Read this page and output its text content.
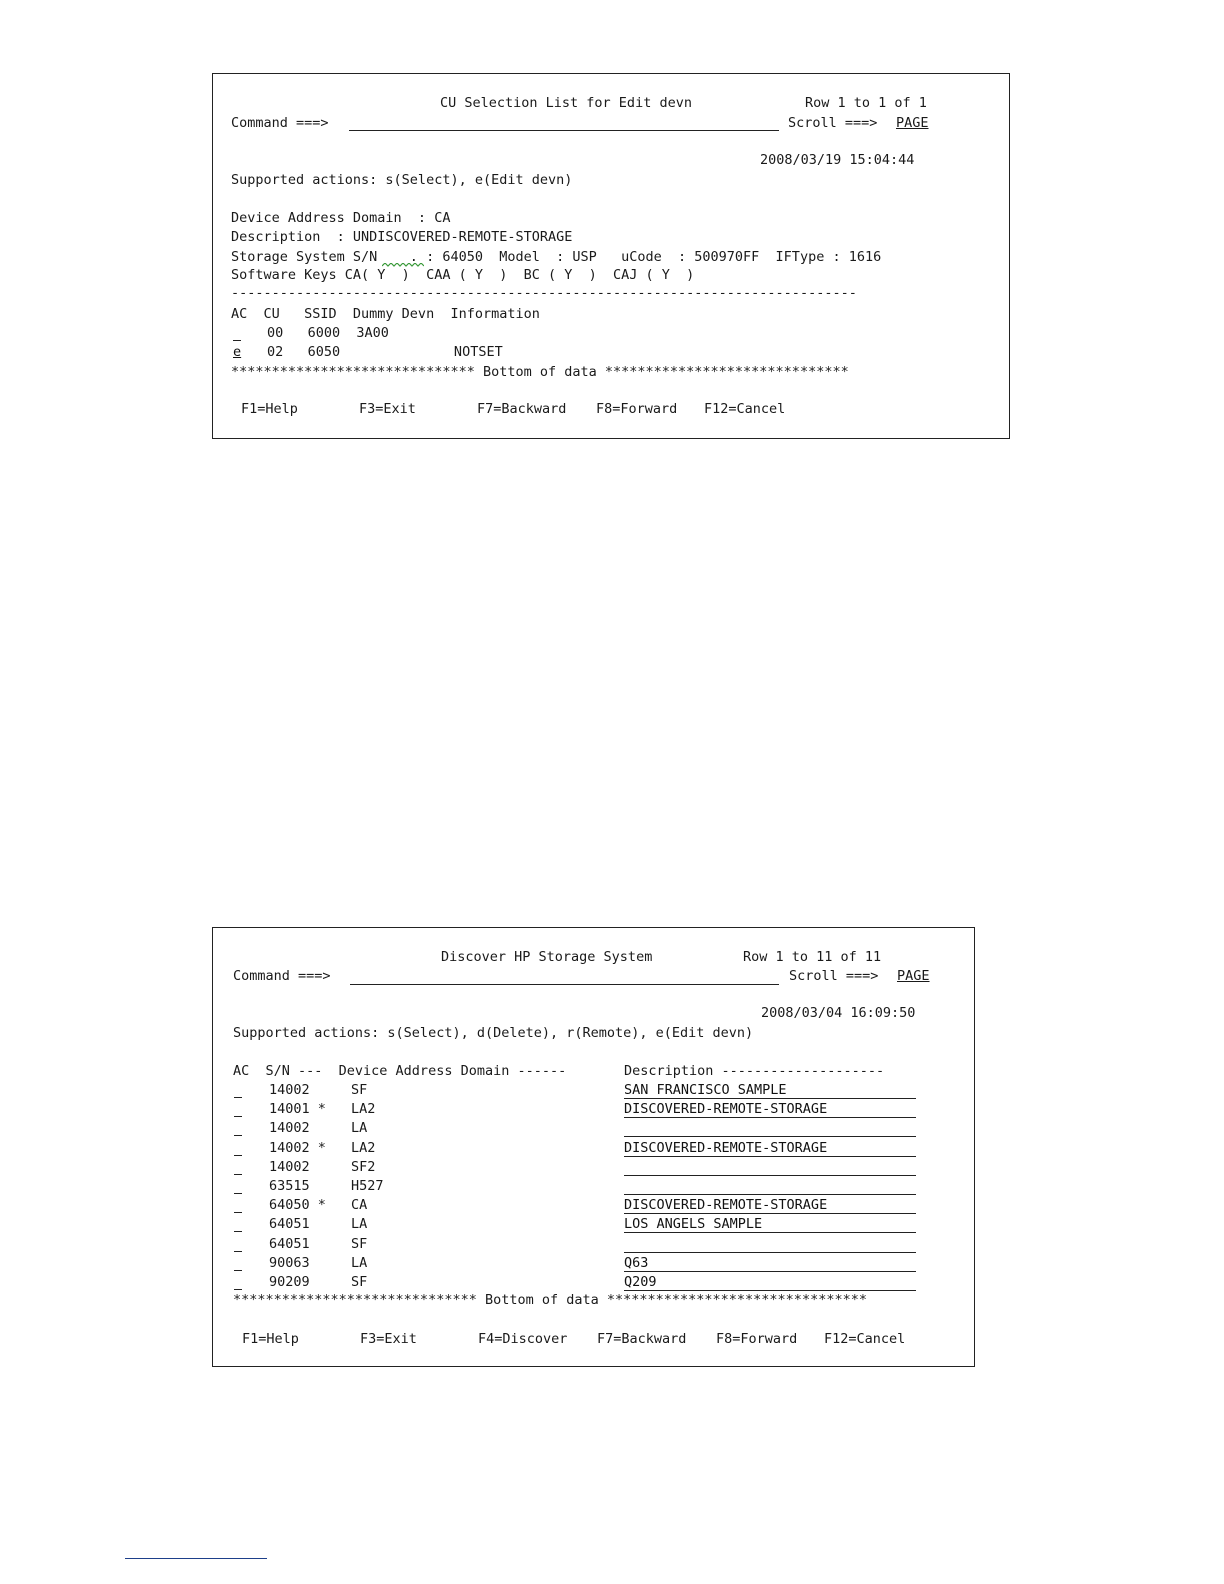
CU Selection List for Edit devn	Row 1 to 1 of 1
Command ===>	Scroll ===> PAGE
2008/03/19 15:04:44
Supported actions: s(Select), e(Edit devn)
Device Address Domain  : CA
Description  : UNDISCOVERED-REMOTE-STORAGE
Storage System S/N    . : 64050  Model  : USP   uCode  : 500970FF  IFType : 1616
Software Keys CA( Y  )  CAA ( Y  )  BC ( Y  )  CAJ ( Y  )
-----------------------------------------------------------------------------
AC  CU   SSID  Dummy Devn  Information
00   6000  3A00
e 02   6050              NOTSET
****************************** Bottom of data ******************************
F1=Help	F3=Exit	F7=Backward F8=Forward F12=Cancel
Discover HP Storage System	Row 1 to 11 of 11
Command ===>	Scroll ===> PAGE
2008/03/04 16:09:50
Supported actions: s(Select), d(Delete), r(Remote), e(Edit devn)
AC  S/N ---  Device Address Domain ------	Description --------------------
14002 SF	SAN FRANCISCO SAMPLE
14001 * LA2	DISCOVERED-REMOTE-STORAGE
14002 LA
14002 * LA2	DISCOVERED-REMOTE-STORAGE
14002 SF2
63515 H527
64050 * CA	DISCOVERED-REMOTE-STORAGE
64051 LA	LOS ANGELS SAMPLE
64051 SF
90063 LA	Q63
90209 SF	Q209
****************************** Bottom of data ********************************
F1=Help	F3=Exit	F4=Discover F7=Backward F8=Forward F12=Cancel
